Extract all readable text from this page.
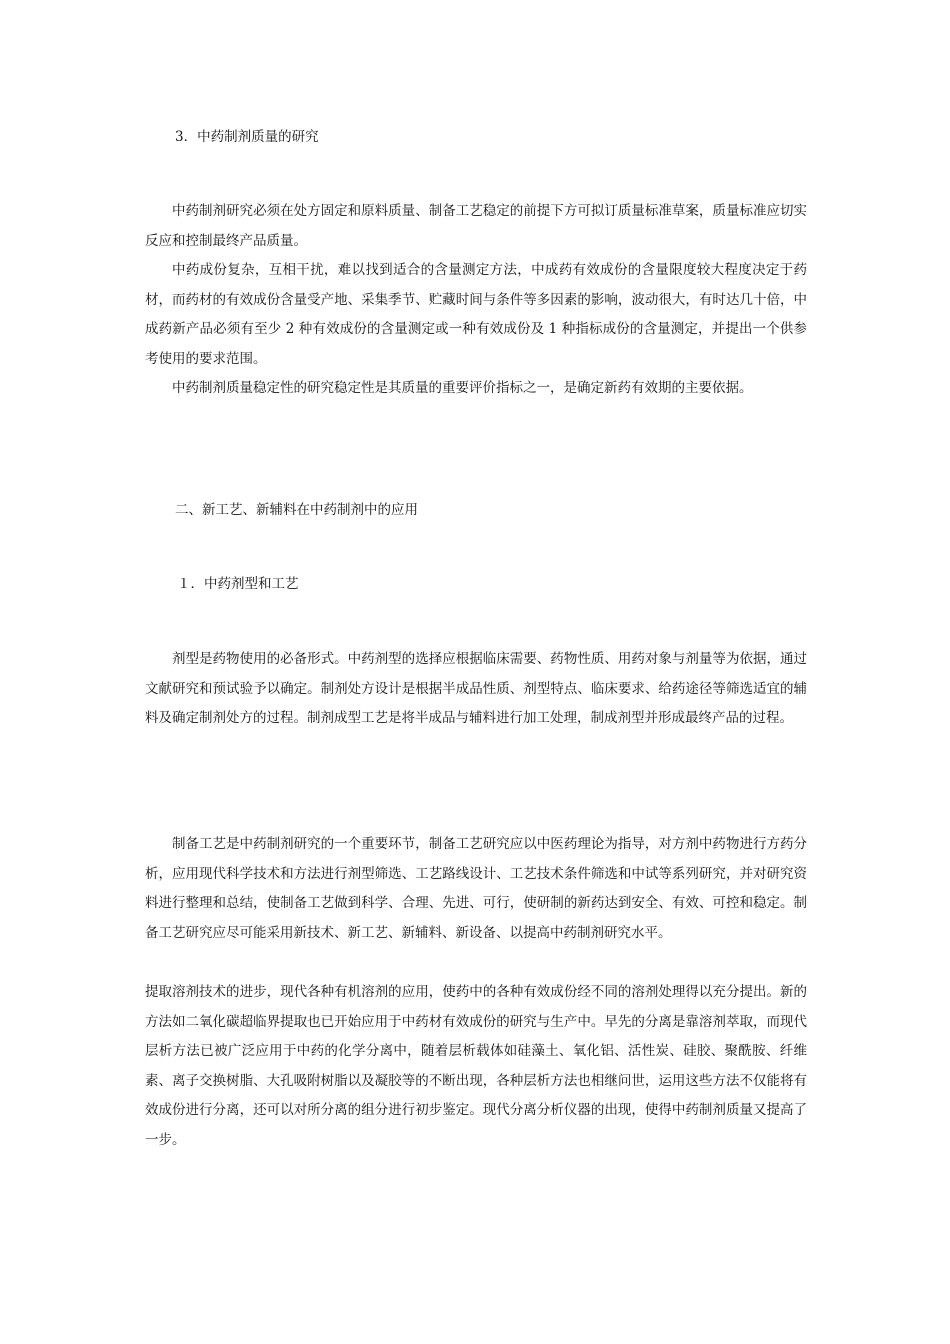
3．中药制剂质量的研究

中药制剂研究必须在处方固定和原料质量、制备工艺稳定的前提下方可拟订质量标准草案，质量标准应切实反应和控制最终产品质量。

中药成份复杂，互相干扰，难以找到适合的含量测定方法，中成药有效成份的含量限度较大程度决定于药材，而药材的有效成份含量受产地、采集季节、贮藏时间与条件等多因素的影响，波动很大，有时达几十倍，中成药新产品必须有至少 2 种有效成份的含量测定或一种有效成份及 1 种指标成份的含量测定，并提出一个供参考使用的要求范围。

中药制剂质量稳定性的研究稳定性是其质量的重要评价指标之一，是确定新药有效期的主要依据。

二、新工艺、新辅料在中药制剂中的应用
１．中药剂型和工艺

剂型是药物使用的必备形式。中药剂型的选择应根据临床需要、药物性质、用药对象与剂量等为依据，通过文献研究和预试验予以确定。制剂处方设计是根据半成品性质、剂型特点、临床要求、给药途径等筛选适宜的辅料及确定制剂处方的过程。制剂成型工艺是将半成品与辅料进行加工处理，制成剂型并形成最终产品的过程。

制备工艺是中药制剂研究的一个重要环节，制备工艺研究应以中医药理论为指导，对方剂中药物进行方药分析，应用现代科学技术和方法进行剂型筛选、工艺路线设计、工艺技术条件筛选和中试等系列研究，并对研究资料进行整理和总结，使制备工艺做到科学、合理、先进、可行，使研制的新药达到安全、有效、可控和稳定。制备工艺研究应尽可能采用新技术、新工艺、新辅料、新设备、以提高中药制剂研究水平。

提取溶剂技术的进步，现代各种有机溶剂的应用，使药中的各种有效成份经不同的溶剂处理得以充分提出。新的方法如二氧化碳超临界提取也已开始应用于中药材有效成份的研究与生产中。早先的分离是靠溶剂萃取，而现代层析方法已被广泛应用于中药的化学分离中，随着层析载体如硅藻土、氧化铝、活性炭、硅胶、聚酰胺、纤维素、离子交换树脂、大孔吸附树脂以及凝胶等的不断出现，各种层析方法也相继问世，运用这些方法不仅能将有效成份进行分离，还可以对所分离的组分进行初步鉴定。现代分离分析仪器的出现，使得中药制剂质量又提高了一步。
